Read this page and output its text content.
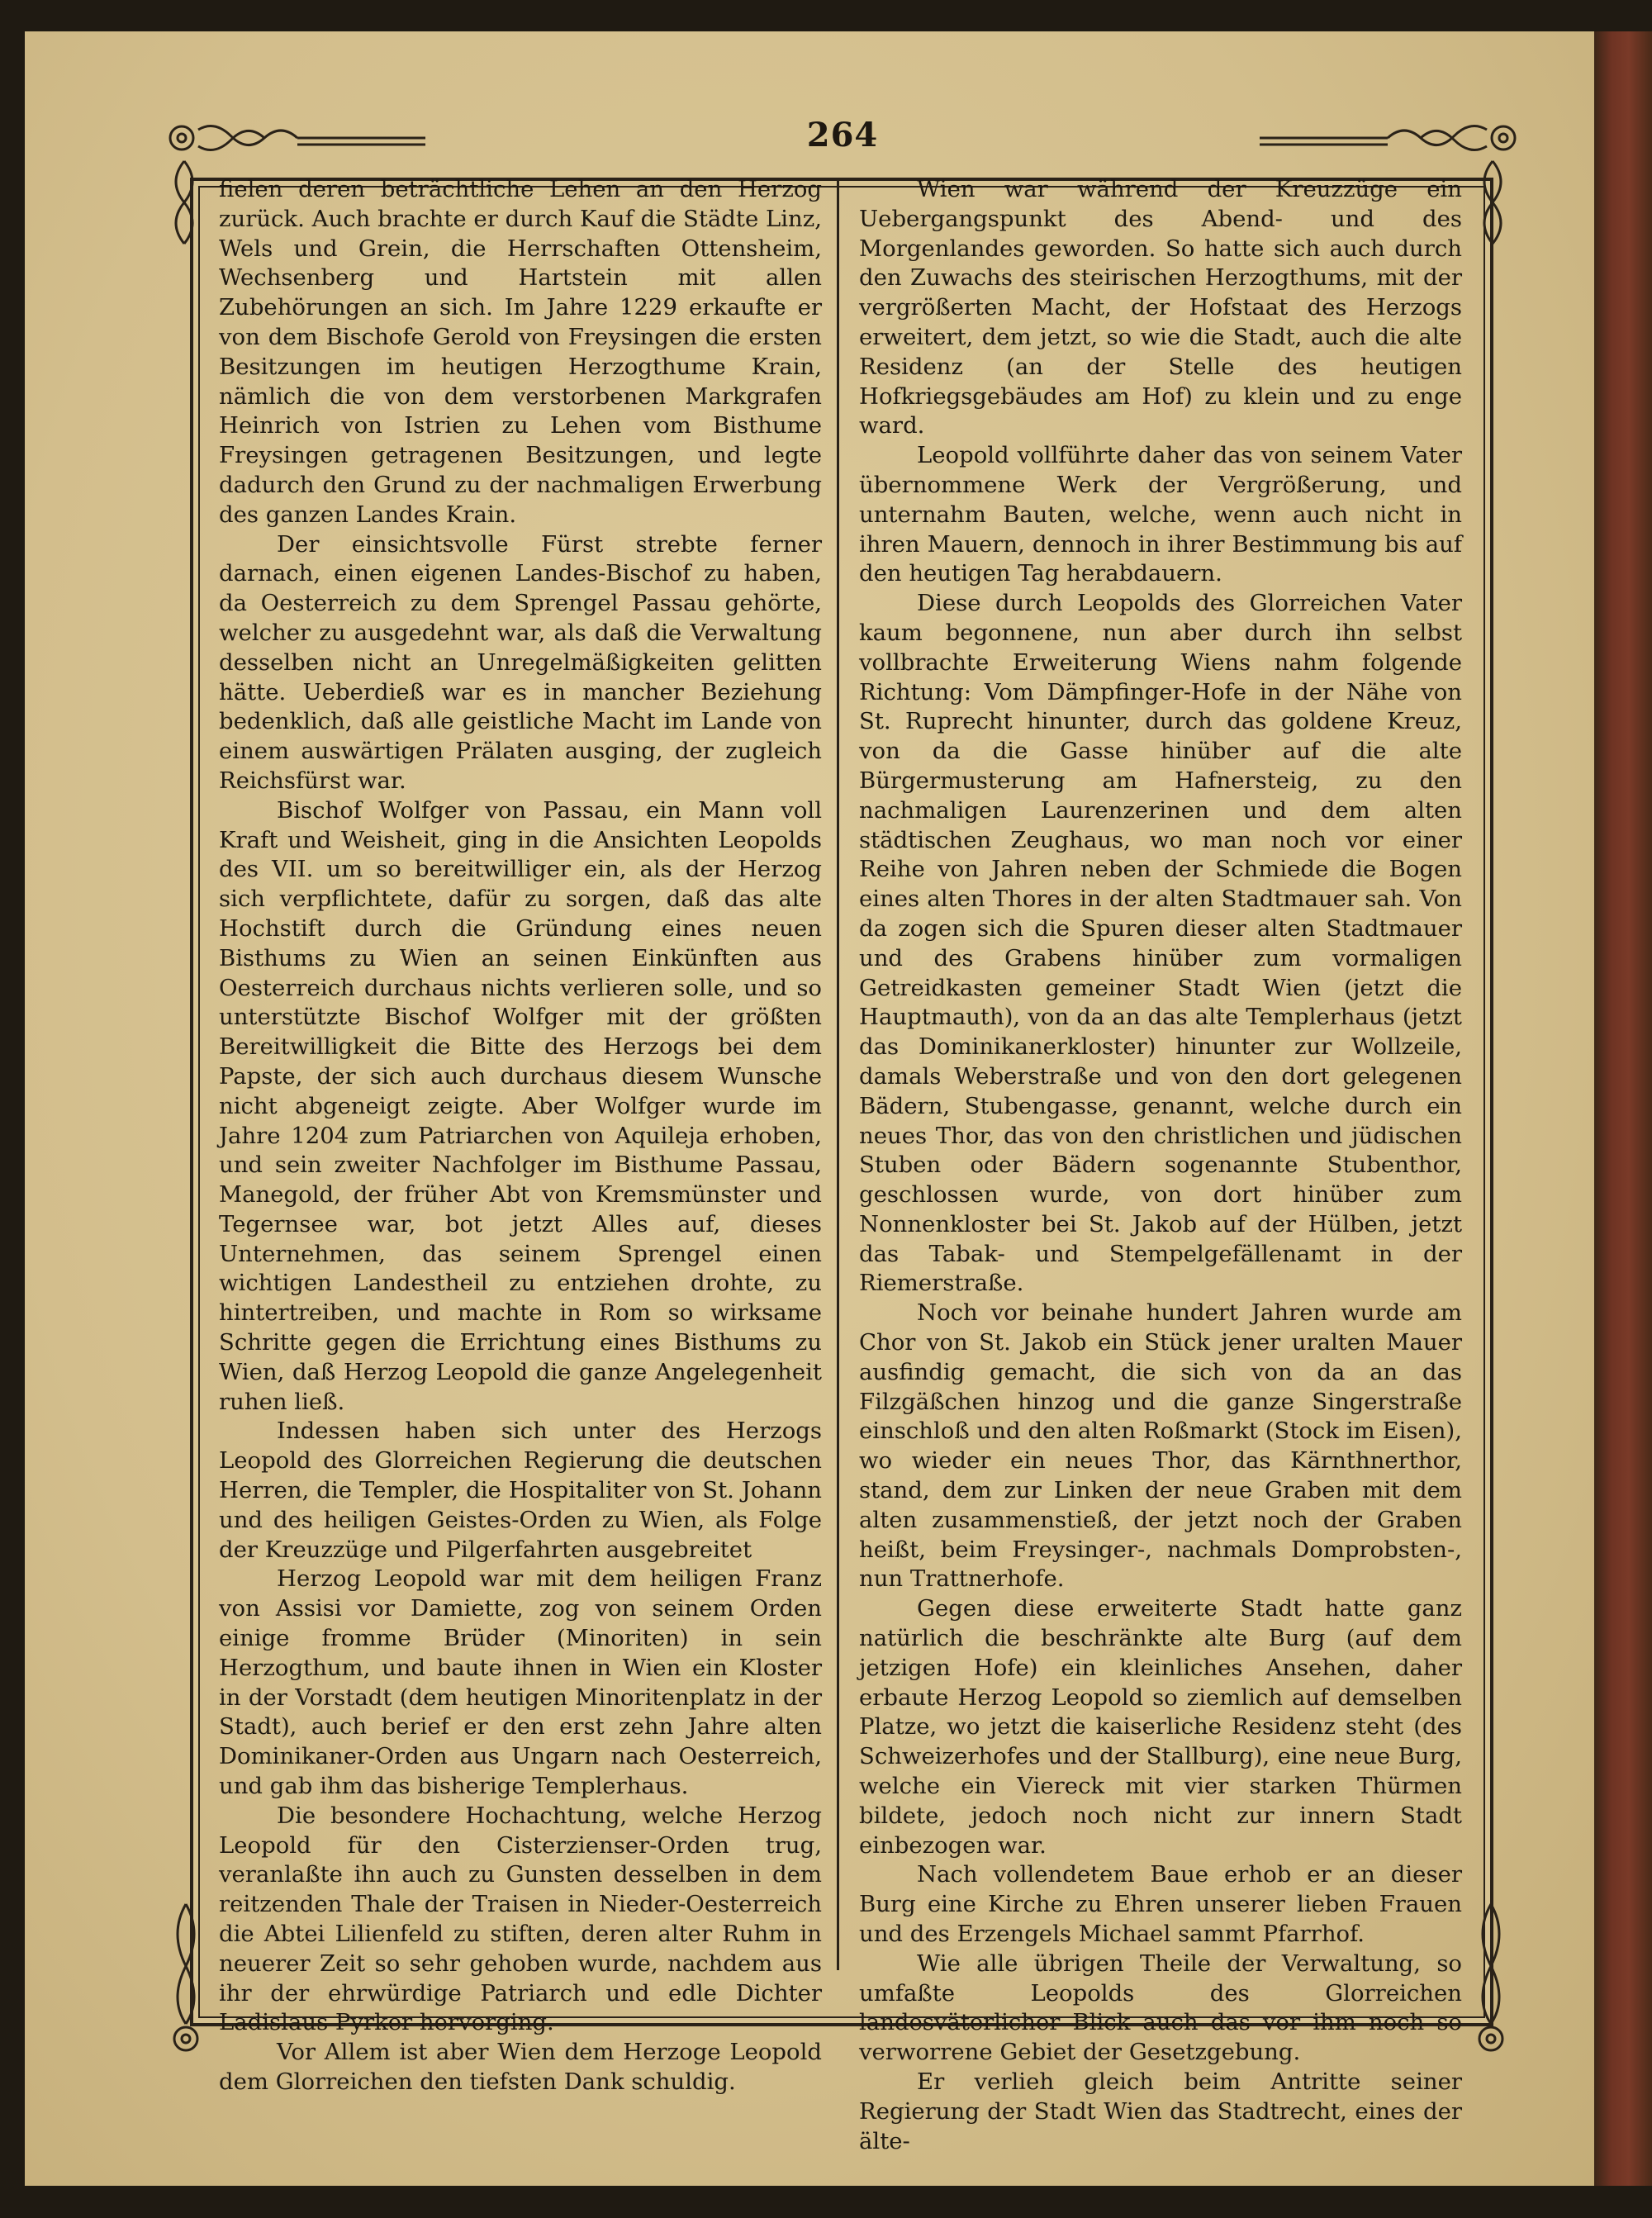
264

fielen deren beträchtliche Lehen an den Herzog zurück. Auch brachte er durch Kauf die Städte Linz, Wels und Grein, die Herrschaften Ottensheim, Wechsenberg und Hartstein mit allen Zubehörungen an sich. Im Jahre 1229 erkaufte er von dem Bischofe Gerold von Freysingen die ersten Besitzungen im heutigen Herzogthume Krain, nämlich die von dem verstorbenen Markgrafen Heinrich von Istrien zu Lehen vom Bisthume Freysingen getragenen Besitzungen, und legte dadurch den Grund zu der nachmaligen Erwerbung des ganzen Landes Krain.

Der einsichtsvolle Fürst strebte ferner darnach, einen eigenen Landes-Bischof zu haben, da Oesterreich zu dem Sprengel Passau gehörte, welcher zu ausgedehnt war, als daß die Verwaltung desselben nicht an Unregelmäßigkeiten gelitten hätte. Ueberdieß war es in mancher Beziehung bedenklich, daß alle geistliche Macht im Lande von einem auswärtigen Prälaten ausging, der zugleich Reichsfürst war.

Bischof Wolfger von Passau, ein Mann voll Kraft und Weisheit, ging in die Ansichten Leopolds des VII. um so bereitwilliger ein, als der Herzog sich verpflichtete, dafür zu sorgen, daß das alte Hochstift durch die Gründung eines neuen Bisthums zu Wien an seinen Einkünften aus Oesterreich durchaus nichts verlieren solle, und so unterstützte Bischof Wolfger mit der größten Bereitwilligkeit die Bitte des Herzogs bei dem Papste, der sich auch durchaus diesem Wunsche nicht abgeneigt zeigte. Aber Wolfger wurde im Jahre 1204 zum Patriarchen von Aquileja erhoben, und sein zweiter Nachfolger im Bisthume Passau, Manegold, der früher Abt von Kremsmünster und Tegernsee war, bot jetzt Alles auf, dieses Unternehmen, das seinem Sprengel einen wichtigen Landestheil zu entziehen drohte, zu hintertreiben, und machte in Rom so wirksame Schritte gegen die Errichtung eines Bisthums zu Wien, daß Herzog Leopold die ganze Angelegenheit ruhen ließ.

Indessen haben sich unter des Herzogs Leopold des Glorreichen Regierung die deutschen Herren, die Templer, die Hospitaliter von St. Johann und des heiligen Geistes-Orden zu Wien, als Folge der Kreuzzüge und Pilgerfahrten ausgebreitet

Herzog Leopold war mit dem heiligen Franz von Assisi vor Damiette, zog von seinem Orden einige fromme Brüder (Minoriten) in sein Herzogthum, und baute ihnen in Wien ein Kloster in der Vorstadt (dem heutigen Minoritenplatz in der Stadt), auch berief er den erst zehn Jahre alten Dominikaner-Orden aus Ungarn nach Oesterreich, und gab ihm das bisherige Templerhaus.

Die besondere Hochachtung, welche Herzog Leopold für den Cisterzienser-Orden trug, veranlaßte ihn auch zu Gunsten desselben in dem reitzenden Thale der Traisen in Nieder-Oesterreich die Abtei Lilienfeld zu stiften, deren alter Ruhm in neuerer Zeit so sehr gehoben wurde, nachdem aus ihr der ehrwürdige Patriarch und edle Dichter Ladislaus Pyrker hervorging.

Vor Allem ist aber Wien dem Herzoge Leopold dem Glorreichen den tiefsten Dank schuldig.

Wien war während der Kreuzzüge ein Uebergangspunkt des Abend- und des Morgenlandes geworden. So hatte sich auch durch den Zuwachs des steirischen Herzogthums, mit der vergrößerten Macht, der Hofstaat des Herzogs erweitert, dem jetzt, so wie die Stadt, auch die alte Residenz (an der Stelle des heutigen Hofkriegsgebäudes am Hof) zu klein und zu enge ward.

Leopold vollführte daher das von seinem Vater übernommene Werk der Vergrößerung, und unternahm Bauten, welche, wenn auch nicht in ihren Mauern, dennoch in ihrer Bestimmung bis auf den heutigen Tag herabdauern.

Diese durch Leopolds des Glorreichen Vater kaum begonnene, nun aber durch ihn selbst vollbrachte Erweiterung Wiens nahm folgende Richtung: Vom Dämpfinger-Hofe in der Nähe von St. Ruprecht hinunter, durch das goldene Kreuz, von da die Gasse hinüber auf die alte Bürgermusterung am Hafnersteig, zu den nachmaligen Laurenzerinen und dem alten städtischen Zeughaus, wo man noch vor einer Reihe von Jahren neben der Schmiede die Bogen eines alten Thores in der alten Stadtmauer sah. Von da zogen sich die Spuren dieser alten Stadtmauer und des Grabens hinüber zum vormaligen Getreidkasten gemeiner Stadt Wien (jetzt die Hauptmauth), von da an das alte Templerhaus (jetzt das Dominikanerkloster) hinunter zur Wollzeile, damals Weberstraße und von den dort gelegenen Bädern, Stubengasse, genannt, welche durch ein neues Thor, das von den christlichen und jüdischen Stuben oder Bädern sogenannte Stubenthor, geschlossen wurde, von dort hinüber zum Nonnenkloster bei St. Jakob auf der Hülben, jetzt das Tabak- und Stempelgefällenamt in der Riemerstraße.

Noch vor beinahe hundert Jahren wurde am Chor von St. Jakob ein Stück jener uralten Mauer ausfindig gemacht, die sich von da an das Filzgäßchen hinzog und die ganze Singerstraße einschloß und den alten Roßmarkt (Stock im Eisen), wo wieder ein neues Thor, das Kärnthnerthor, stand, dem zur Linken der neue Graben mit dem alten zusammenstieß, der jetzt noch der Graben heißt, beim Freysinger-, nachmals Domprobsten-, nun Trattnerhofe.

Gegen diese erweiterte Stadt hatte ganz natürlich die beschränkte alte Burg (auf dem jetzigen Hofe) ein kleinliches Ansehen, daher erbaute Herzog Leopold so ziemlich auf demselben Platze, wo jetzt die kaiserliche Residenz steht (des Schweizerhofes und der Stallburg), eine neue Burg, welche ein Viereck mit vier starken Thürmen bildete, jedoch noch nicht zur innern Stadt einbezogen war.

Nach vollendetem Baue erhob er an dieser Burg eine Kirche zu Ehren unserer lieben Frauen und des Erzengels Michael sammt Pfarrhof.

Wie alle übrigen Theile der Verwaltung, so umfaßte Leopolds des Glorreichen landesväterlicher Blick auch das vor ihm noch so verworrene Gebiet der Gesetzgebung.

Er verlieh gleich beim Antritte seiner Regierung der Stadt Wien das Stadtrecht, eines der älte-
